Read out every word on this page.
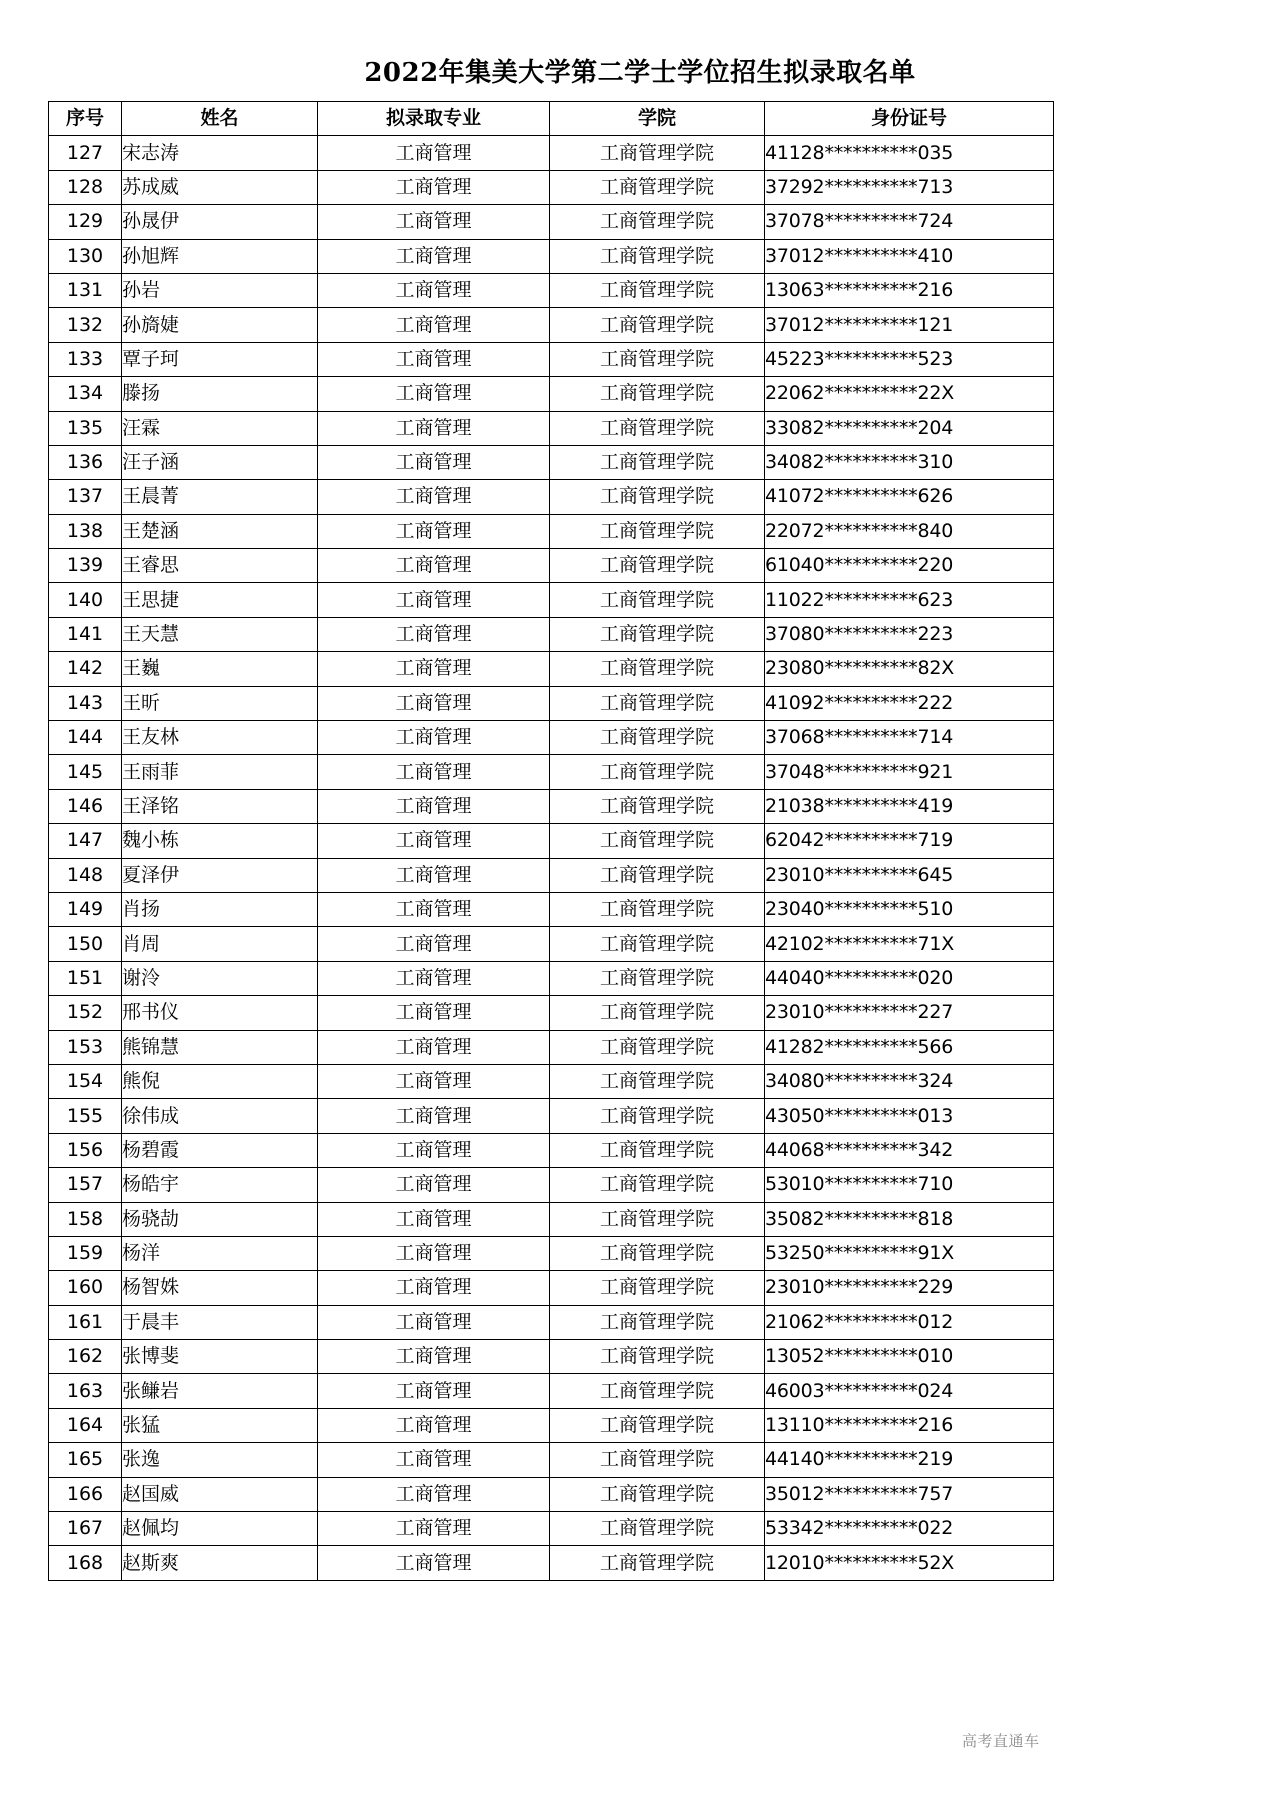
2022年集美大学第二学士学位招生拟录取名单
序号	姓名	拟录取专业	学院	身份证号
127	宋志涛	工商管理	工商管理学院	41128**********035
128	苏成威	工商管理	工商管理学院	37292**********713
129	孙晟伊	工商管理	工商管理学院	37078**********724
130	孙旭辉	工商管理	工商管理学院	37012**********410
131	孙岩	工商管理	工商管理学院	13063**********216
132	孙旖婕	工商管理	工商管理学院	37012**********121
133	覃子珂	工商管理	工商管理学院	45223**********523
134	滕扬	工商管理	工商管理学院	22062**********22X
135	汪霖	工商管理	工商管理学院	33082**********204
136	汪子涵	工商管理	工商管理学院	34082**********310
137	王晨菁	工商管理	工商管理学院	41072**********626
138	王楚涵	工商管理	工商管理学院	22072**********840
139	王睿思	工商管理	工商管理学院	61040**********220
140	王思捷	工商管理	工商管理学院	11022**********623
141	王天慧	工商管理	工商管理学院	37080**********223
142	王巍	工商管理	工商管理学院	23080**********82X
143	王昕	工商管理	工商管理学院	41092**********222
144	王友林	工商管理	工商管理学院	37068**********714
145	王雨菲	工商管理	工商管理学院	37048**********921
146	王泽铭	工商管理	工商管理学院	21038**********419
147	魏小栋	工商管理	工商管理学院	62042**********719
148	夏泽伊	工商管理	工商管理学院	23010**********645
149	肖扬	工商管理	工商管理学院	23040**********510
150	肖周	工商管理	工商管理学院	42102**********71X
151	谢泠	工商管理	工商管理学院	44040**********020
152	邢书仪	工商管理	工商管理学院	23010**********227
153	熊锦慧	工商管理	工商管理学院	41282**********566
154	熊倪	工商管理	工商管理学院	34080**********324
155	徐伟成	工商管理	工商管理学院	43050**********013
156	杨碧霞	工商管理	工商管理学院	44068**********342
157	杨皓宇	工商管理	工商管理学院	53010**********710
158	杨骁劼	工商管理	工商管理学院	35082**********818
159	杨洋	工商管理	工商管理学院	53250**********91X
160	杨智姝	工商管理	工商管理学院	23010**********229
161	于晨丰	工商管理	工商管理学院	21062**********012
162	张博斐	工商管理	工商管理学院	13052**********010
163	张鳒岩	工商管理	工商管理学院	46003**********024
164	张猛	工商管理	工商管理学院	13110**********216
165	张逸	工商管理	工商管理学院	44140**********219
166	赵国威	工商管理	工商管理学院	35012**********757
167	赵佩均	工商管理	工商管理学院	53342**********022
168	赵斯爽	工商管理	工商管理学院	12010**********52X
高考直通车
